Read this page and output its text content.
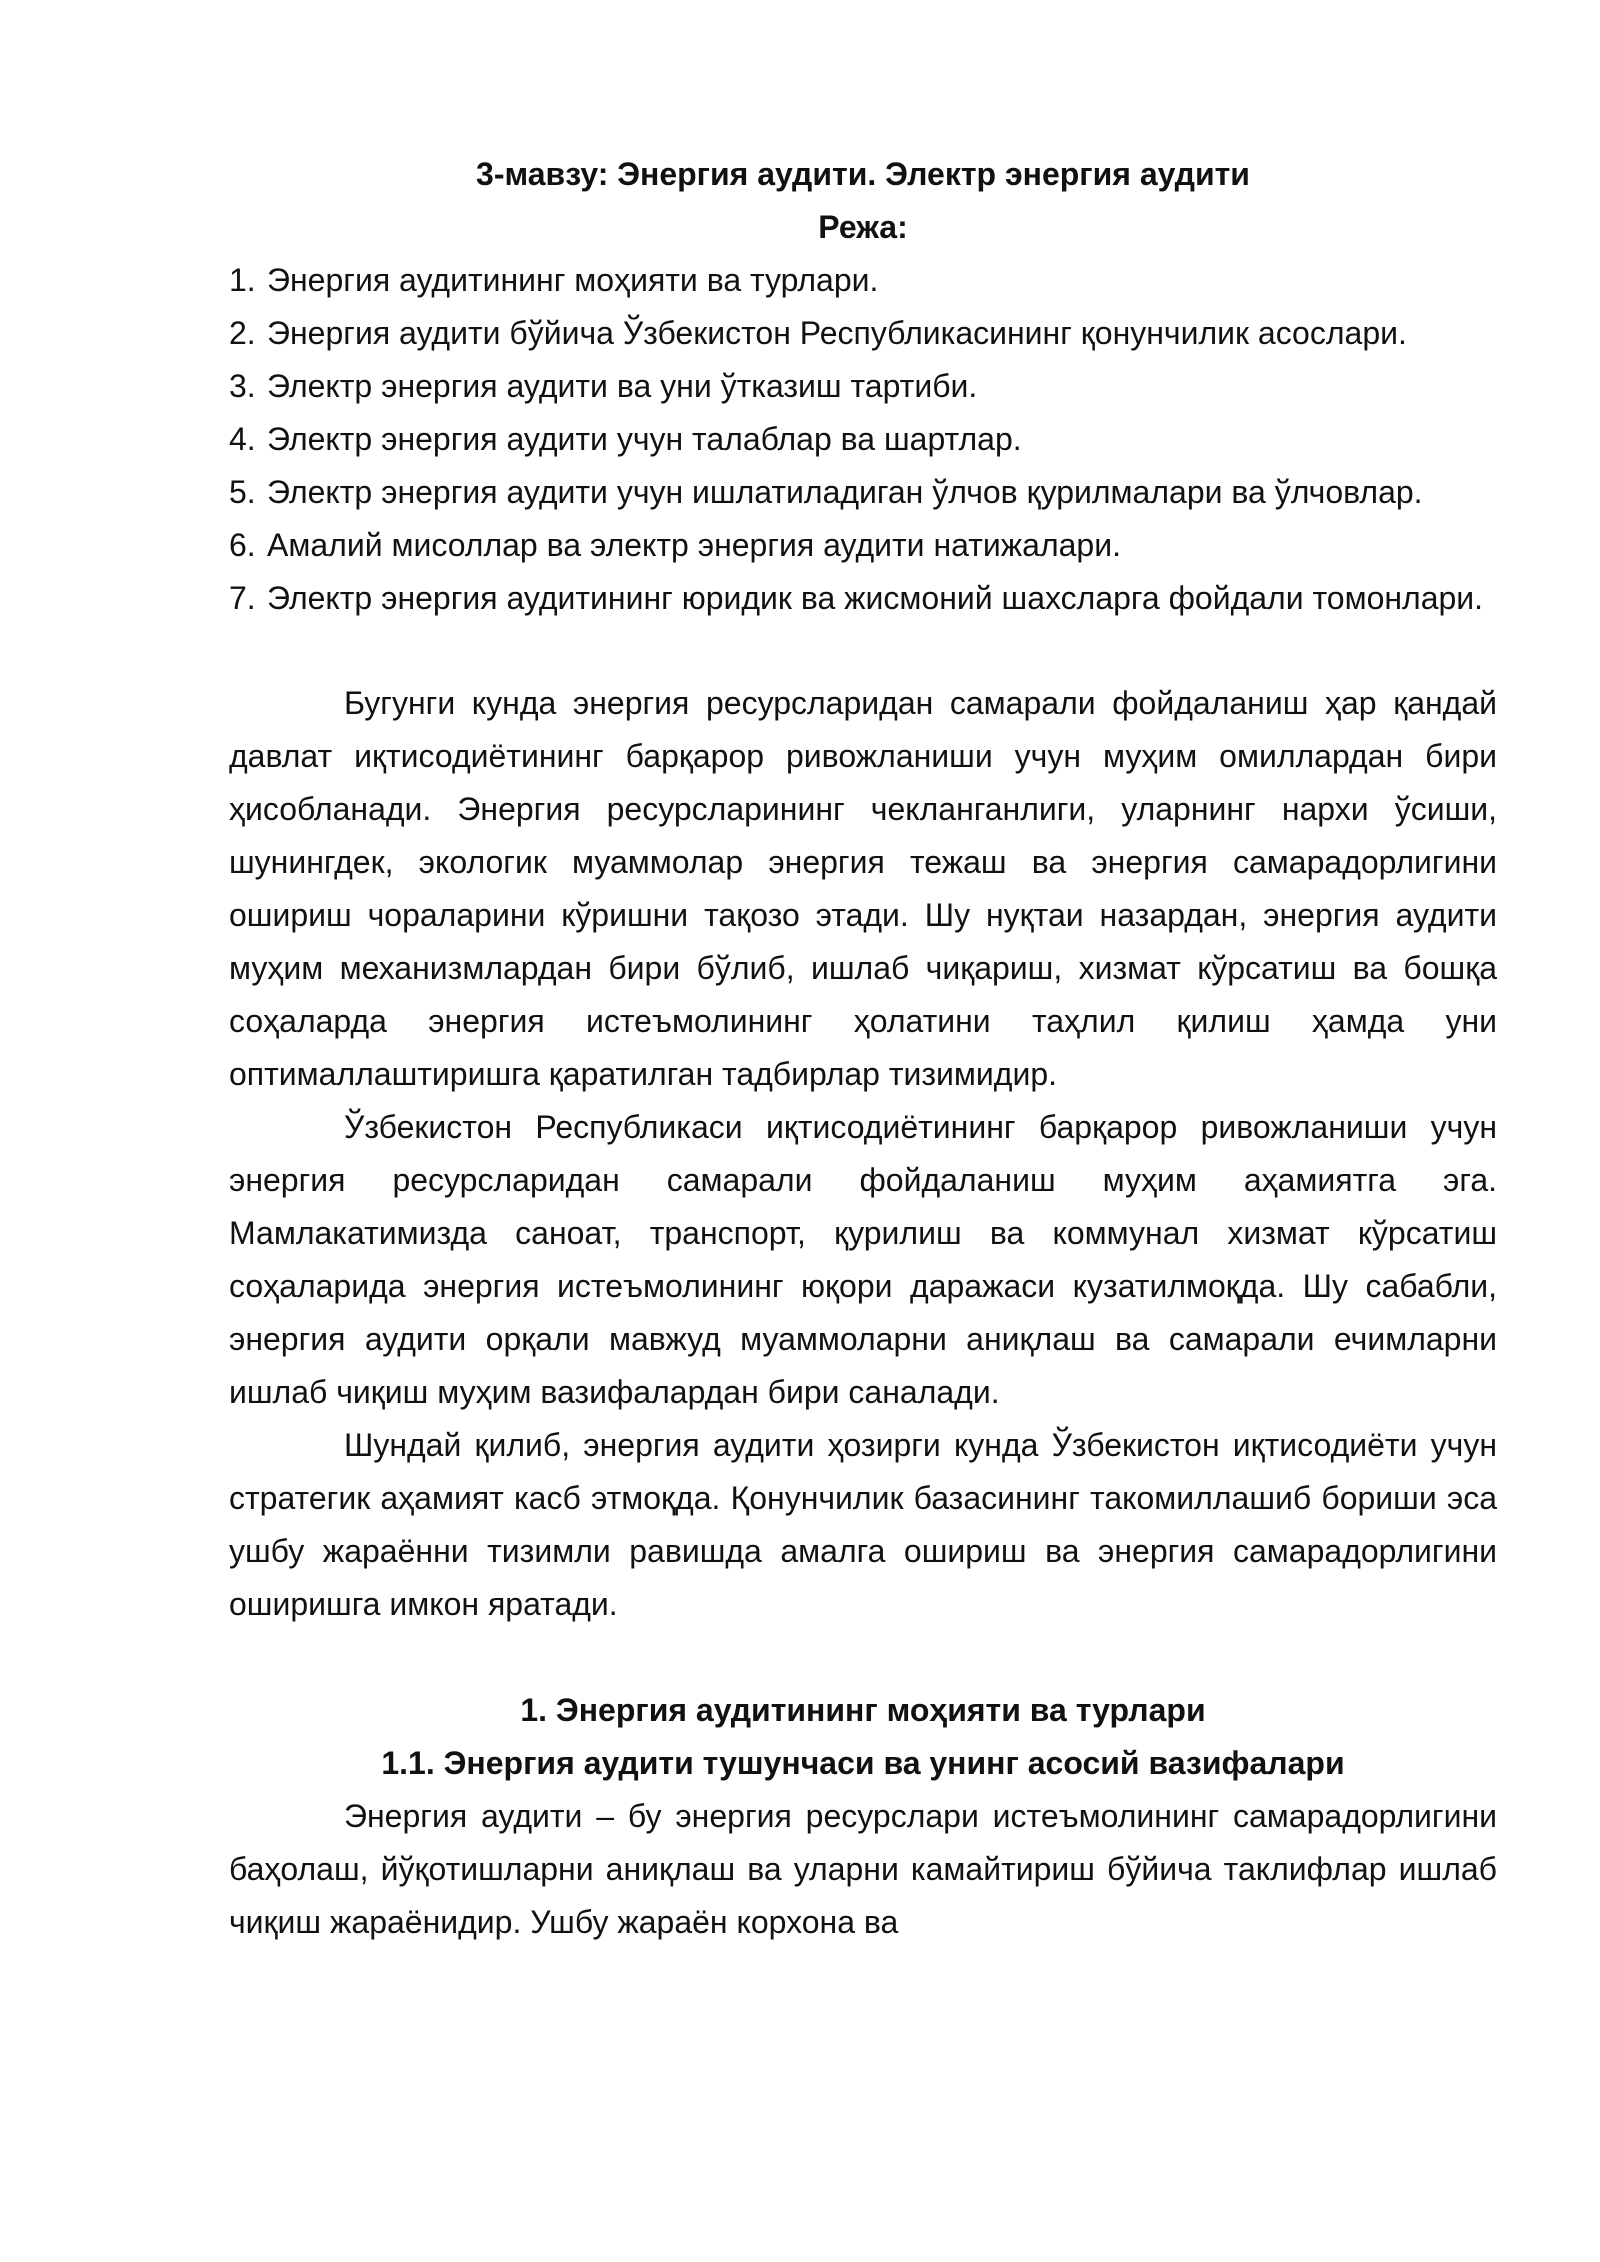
3-мавзу: Энергия аудити. Электр энергия аудити

Режа:

1. Энергия аудитининг моҳияти ва турлари.
2. Энергия аудити бўйича Ўзбекистон Республикасининг қонунчилик асослари.
3. Электр энергия аудити ва уни ўтказиш тартиби.
4. Электр энергия аудити учун талаблар ва шартлар.
5. Электр энергия аудити учун ишлатиладиган ўлчов қурилмалари ва ўлчовлар.
6. Амалий мисоллар ва электр энергия аудити натижалари.
7. Электр энергия аудитининг юридик ва жисмоний шахсларга фойдали томонлари.

Бугунги кунда энергия ресурсларидан самарали фойдаланиш ҳар қандай давлат иқтисодиётининг барқарор ривожланиши учун муҳим омиллардан бири ҳисобланади. Энергия ресурсларининг чекланганлиги, уларнинг нархи ўсиши, шунингдек, экологик муаммолар энергия тежаш ва энергия самарадорлигини ошириш чораларини кўришни тақозо этади. Шу нуқтаи назардан, энергия аудити муҳим механизмлардан бири бўлиб, ишлаб чиқариш, хизмат кўрсатиш ва бошқа соҳаларда энергия истеъмолининг ҳолатини таҳлил қилиш ҳамда уни оптималлаштиришга қаратилган тадбирлар тизимидир.

Ўзбекистон Республикаси иқтисодиётининг барқарор ривожланиши учун энергия ресурсларидан самарали фойдаланиш муҳим аҳамиятга эга. Мамлакатимизда саноат, транспорт, қурилиш ва коммунал хизмат кўрсатиш соҳаларида энергия истеъмолининг юқори даражаси кузатилмоқда. Шу сабабли, энергия аудити орқали мавжуд муаммоларни аниқлаш ва самарали ечимларни ишлаб чиқиш муҳим вазифалардан бири саналади.

Шундай қилиб, энергия аудити ҳозирги кунда Ўзбекистон иқтисодиёти учун стратегик аҳамият касб этмоқда. Қонунчилик базасининг такомиллашиб бориши эса ушбу жараённи тизимли равишда амалга ошириш ва энергия самарадорлигини оширишга имкон яратади.

1. Энергия аудитининг моҳияти ва турлари

1.1. Энергия аудити тушунчаси ва унинг асосий вазифалари

Энергия аудити – бу энергия ресурслари истеъмолининг самарадорлигини баҳолаш, йўқотишларни аниқлаш ва уларни камайтириш бўйича таклифлар ишлаб чиқиш жараёнидир. Ушбу жараён корхона ва
